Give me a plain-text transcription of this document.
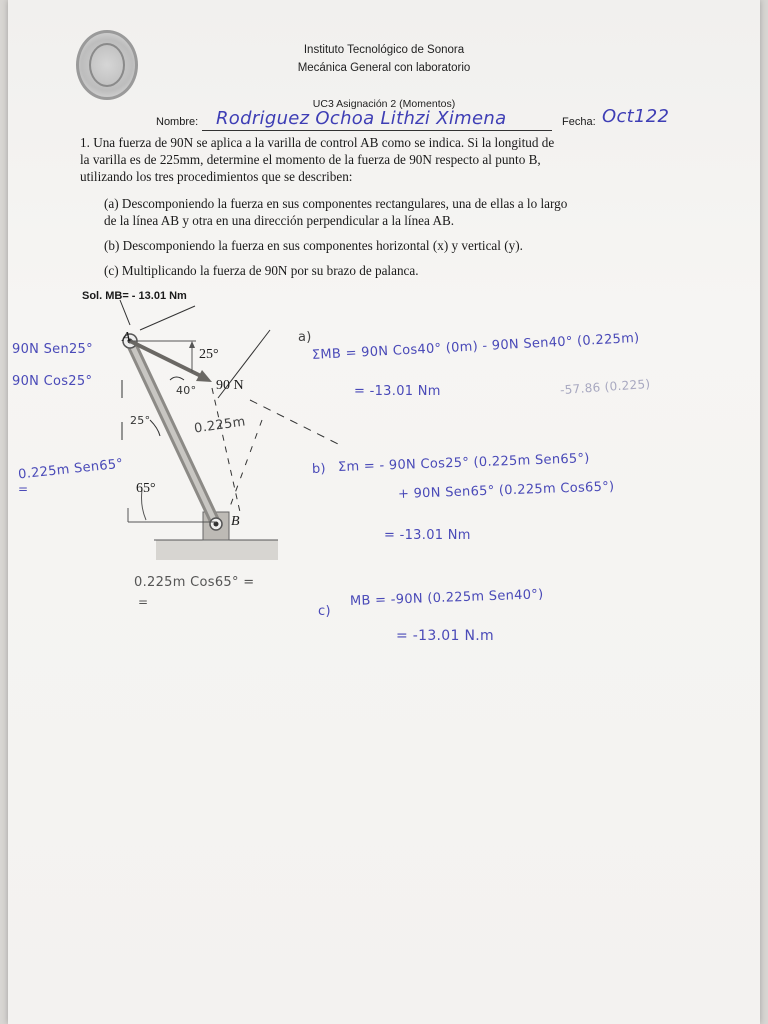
Instituto Tecnológico de Sonora
Mecánica General con laboratorio
UC3 Asignación 2 (Momentos)
Nombre: Rodriguez Ochoa Lithzi Ximena	Fecha: Oct122
1. Una fuerza de 90N se aplica a la varilla de control AB como se indica. Si la longitud de
la varilla es de 225mm, determine el momento de la fuerza de 90N respecto al punto B,
utilizando los tres procedimientos que se describen:
(a) Descomponiendo la fuerza en sus componentes rectangulares, una de ellas a lo largo
de la línea AB y otra en una dirección perpendicular a la línea AB.
(b) Descomponiendo la fuerza en sus componentes horizontal (x) y vertical (y).
(c) Multiplicando la fuerza de 90N por su brazo de palanca.
Sol. MB= - 13.01 Nm
A
B
25°
90 N
65°
90N Sen25°
90N Cos25°
25°
40°
0.225m
0.225m Sen65°
=
0.225m Cos65° =
=
a) ΣMB = 90N Cos40° (0m) - 90N Sen40° (0.225m)
= -13.01 Nm	-57.86 (0.225)
b) Σm = - 90N Cos25° (0.225m Sen65°)
+ 90N Sen65° (0.225m Cos65°)
= -13.01 Nm
c)
MB = -90N (0.225m Sen40°)
= -13.01 N.m
